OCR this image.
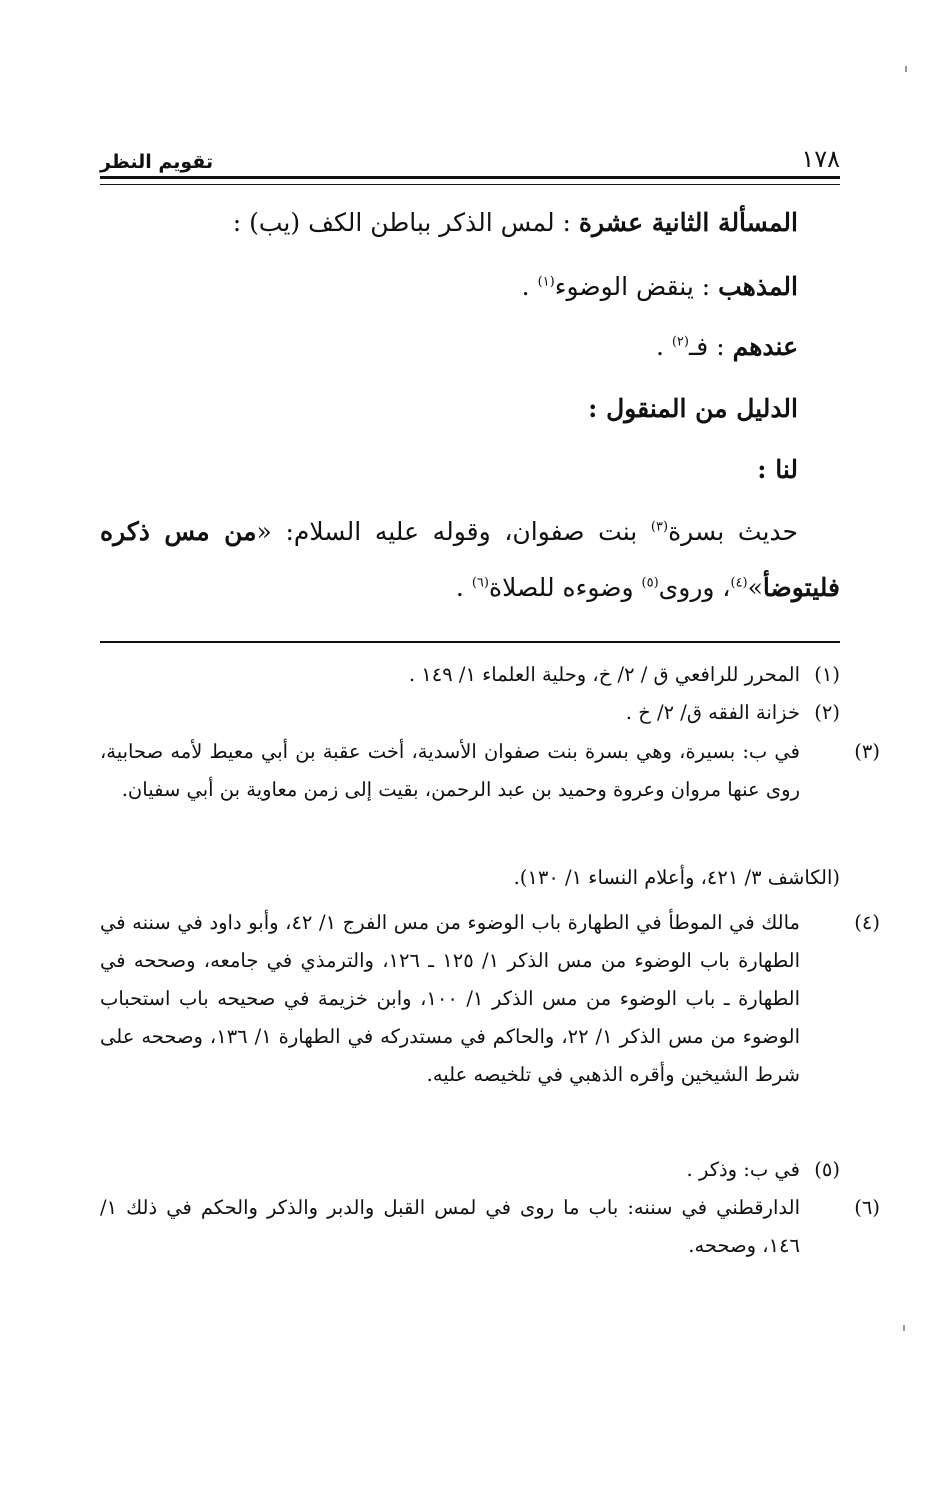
١٧٨
تقويم النظر
المسألة الثانية عشرة : لمس الذكر بباطن الكف (يب) :
المذهب : ينقض الوضوء$^{(١)}$ .
عندهم : فـ$^{(٢)}$ .
الدليل من المنقول :
لنا :
حديث بسرة$^{(٣)}$ بنت صفوان، وقوله عليه السلام: «من مس ذكره فليتوضأ»$^{(٤)}$، وروى$^{(٥)}$ وضوءه للصلاة$^{(٦)}$ .
(١)المحرر للرافعي ق / ٢/ خ، وحلية العلماء ١/ ١٤٩ .
(٢)خزانة الفقه ق/ ٢/ خ .
(٣)في ب: بسيرة، وهي بسرة بنت صفوان الأسدية، أخت عقبة بن أبي معيط لأمه صحابية، روى عنها مروان وعروة وحميد بن عبد الرحمن، بقيت إلى زمن معاوية بن أبي سفيان.
(الكاشف ٣/ ٤٢١، وأعلام النساء ١/ ١٣٠).
(٤)مالك في الموطأ في الطهارة باب الوضوء من مس الفرج ١/ ٤٢، وأبو داود في سننه في الطهارة باب الوضوء من مس الذكر ١/ ١٢٥ ـ ١٢٦، والترمذي في جامعه، وصححه في الطهارة ـ باب الوضوء من مس الذكر ١/ ١٠٠، وابن خزيمة في صحيحه باب استحباب الوضوء من مس الذكر ١/ ٢٢، والحاكم في مستدركه في الطهارة ١/ ١٣٦، وصححه على شرط الشيخين وأقره الذهبي في تلخيصه عليه.
(٥)في ب: وذكر .
(٦)الدارقطني في سننه: باب ما روى في لمس القبل والدبر والذكر والحكم في ذلك ١/ ١٤٦، وصححه.
